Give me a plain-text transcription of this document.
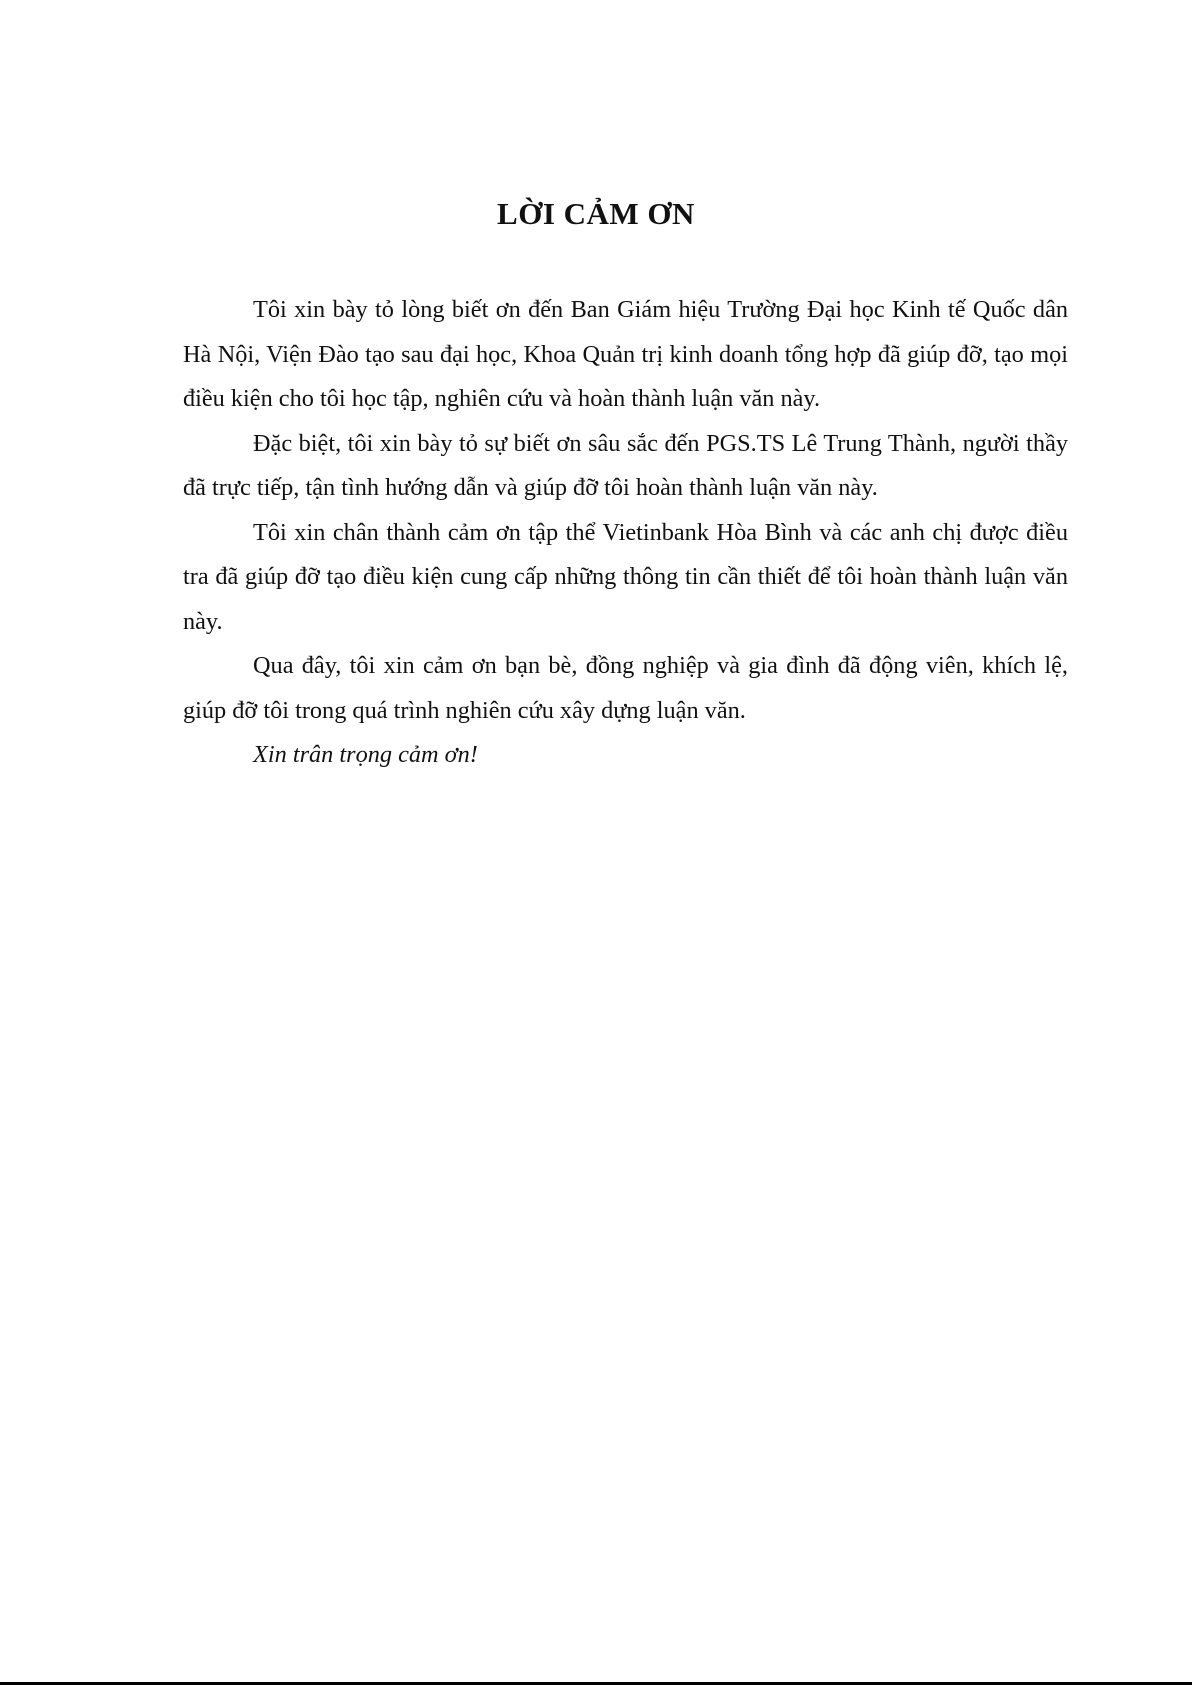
LỜI CẢM ƠN

Tôi xin bày tỏ lòng biết ơn đến Ban Giám hiệu Trường Đại học Kinh tế Quốc dân Hà Nội, Viện Đào tạo sau đại học, Khoa Quản trị kinh doanh tổng hợp đã giúp đỡ, tạo mọi điều kiện cho tôi học tập, nghiên cứu và hoàn thành luận văn này.

Đặc biệt, tôi xin bày tỏ sự biết ơn sâu sắc đến PGS.TS Lê Trung Thành, người thầy đã trực tiếp, tận tình hướng dẫn và giúp đỡ tôi hoàn thành luận văn này.

Tôi xin chân thành cảm ơn tập thể Vietinbank Hòa Bình và các anh chị được điều tra đã giúp đỡ tạo điều kiện cung cấp những thông tin cần thiết để tôi hoàn thành luận văn này.

Qua đây, tôi xin cảm ơn bạn bè, đồng nghiệp và gia đình đã động viên, khích lệ, giúp đỡ tôi trong quá trình nghiên cứu xây dựng luận văn.

Xin trân trọng cảm ơn!
